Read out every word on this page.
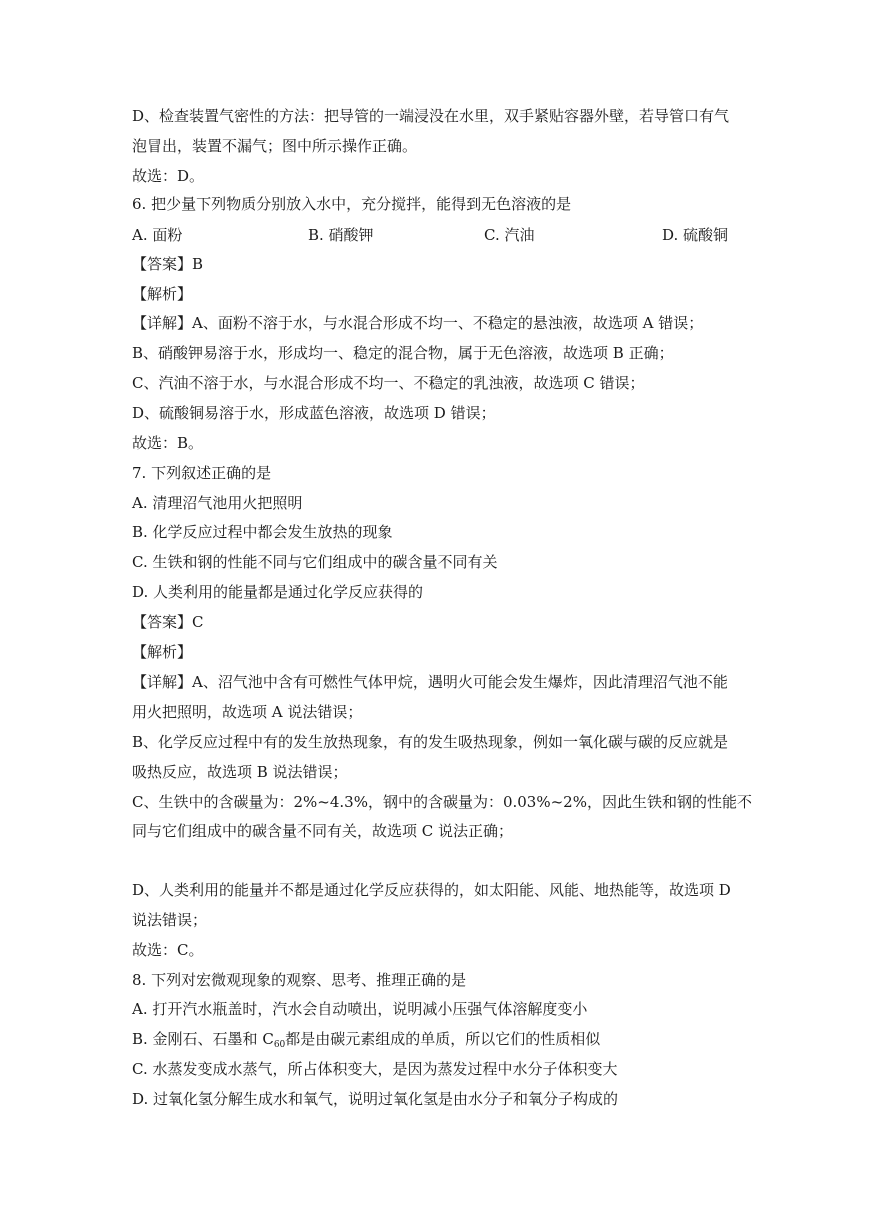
D、检查装置气密性的方法：把导管的一端浸没在水里，双手紧贴容器外壁，若导管口有气
泡冒出，装置不漏气；图中所示操作正确。
故选：D。
6. 把少量下列物质分别放入水中，充分搅拌，能得到无色溶液的是
A. 面粉	B. 硝酸钾	C. 汽油	D. 硫酸铜
【答案】B
【解析】
【详解】A、面粉不溶于水，与水混合形成不均一、不稳定的悬浊液，故选项 A 错误；
B、硝酸钾易溶于水，形成均一、稳定的混合物，属于无色溶液，故选项 B 正确；
C、汽油不溶于水，与水混合形成不均一、不稳定的乳浊液，故选项 C 错误；
D、硫酸铜易溶于水，形成蓝色溶液，故选项 D 错误；
故选：B。
7. 下列叙述正确的是
A. 清理沼气池用火把照明
B. 化学反应过程中都会发生放热的现象
C. 生铁和钢的性能不同与它们组成中的碳含量不同有关
D. 人类利用的能量都是通过化学反应获得的
【答案】C
【解析】
【详解】A、沼气池中含有可燃性气体甲烷，遇明火可能会发生爆炸，因此清理沼气池不能
用火把照明，故选项 A 说法错误；
B、化学反应过程中有的发生放热现象，有的发生吸热现象，例如一氧化碳与碳的反应就是
吸热反应，故选项 B 说法错误；
C、生铁中的含碳量为：2%~4.3%，钢中的含碳量为：0.03%~2%，因此生铁和钢的性能不
同与它们组成中的碳含量不同有关，故选项 C 说法正确；
D、人类利用的能量并不都是通过化学反应获得的，如太阳能、风能、地热能等，故选项 D
说法错误；
故选：C。
8. 下列对宏微观现象的观察、思考、推理正确的是
A. 打开汽水瓶盖时，汽水会自动喷出，说明减小压强气体溶解度变小
B. 金刚石、石墨和 $C_{60}$都是由碳元素组成的单质，所以它们的性质相似
C. 水蒸发变成水蒸气，所占体积变大，是因为蒸发过程中水分子体积变大
D. 过氧化氢分解生成水和氧气，说明过氧化氢是由水分子和氧分子构成的
